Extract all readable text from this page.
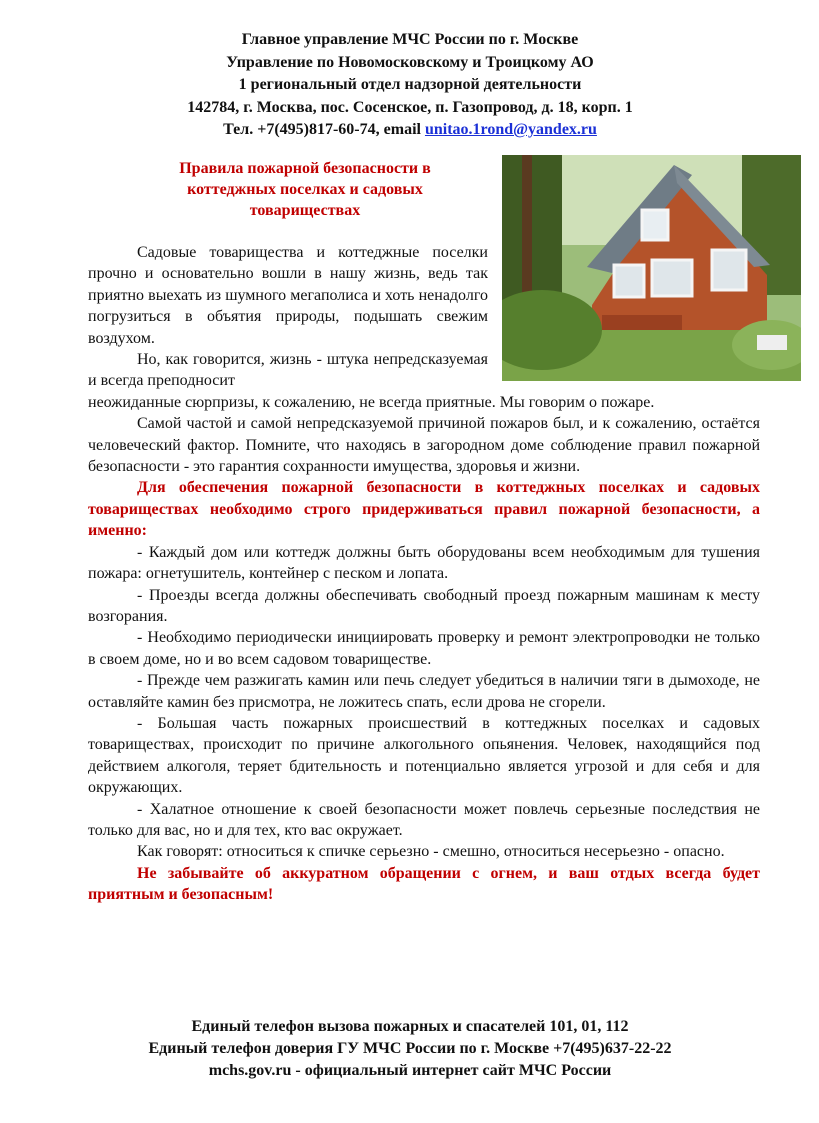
Главное управление МЧС России по г. Москве
Управление по Новомосковскому и Троицкому АО
1 региональный отдел надзорной деятельности
142784, г. Москва, пос. Сосенское, п. Газопровод, д. 18, корп. 1
Тел. +7(495)817-60-74, email unitao.1rond@yandex.ru
Правила пожарной безопасности в
коттеджных поселках и садовых
товариществах

Садовые товарищества и коттеджные поселки прочно и основательно вошли в нашу жизнь, ведь так приятно выехать из шумного мегаполиса и хоть ненадолго погрузиться в объятия природы, подышать свежим воздухом.

Но, как говорится, жизнь - штука непредсказуемая и всегда преподносит

неожиданные сюрпризы, к сожалению, не всегда приятные. Мы говорим о пожаре.

Самой частой и самой непредсказуемой причиной пожаров был, и к сожалению, остаётся человеческий фактор. Помните, что находясь в загородном доме соблюдение правил пожарной безопасности - это гарантия сохранности имущества, здоровья и жизни.

Для обеспечения пожарной безопасности в коттеджных поселках и садовых товариществах необходимо строго придерживаться правил пожарной безопасности, а именно:

- Каждый дом или коттедж должны быть оборудованы всем необходимым для тушения пожара: огнетушитель, контейнер с песком и лопата.

- Проезды всегда должны обеспечивать свободный проезд пожарным машинам к месту возгорания.

- Необходимо периодически инициировать проверку и ремонт электропроводки не только в своем доме, но и во всем садовом товариществе.

- Прежде чем разжигать камин или печь следует убедиться в наличии тяги в дымоходе, не оставляйте камин без присмотра, не ложитесь спать, если дрова не сгорели.

- Большая часть пожарных происшествий в коттеджных поселках и садовых товариществах, происходит по причине алкогольного опьянения. Человек, находящийся под действием алкоголя, теряет бдительность и потенциально является угрозой и для себя и для окружающих.

- Халатное отношение к своей безопасности может повлечь серьезные последствия не только для вас, но и для тех, кто вас окружает.

Как говорят: относиться к спичке серьезно - смешно, относиться несерьезно - опасно.

Не забывайте об аккуратном обращении с огнем, и ваш отдых всегда будет приятным и безопасным!

Единый телефон вызова пожарных и спасателей 101, 01, 112
Единый телефон доверия ГУ МЧС России по г. Москве +7(495)637-22-22
mchs.gov.ru - официальный интернет сайт МЧС России
